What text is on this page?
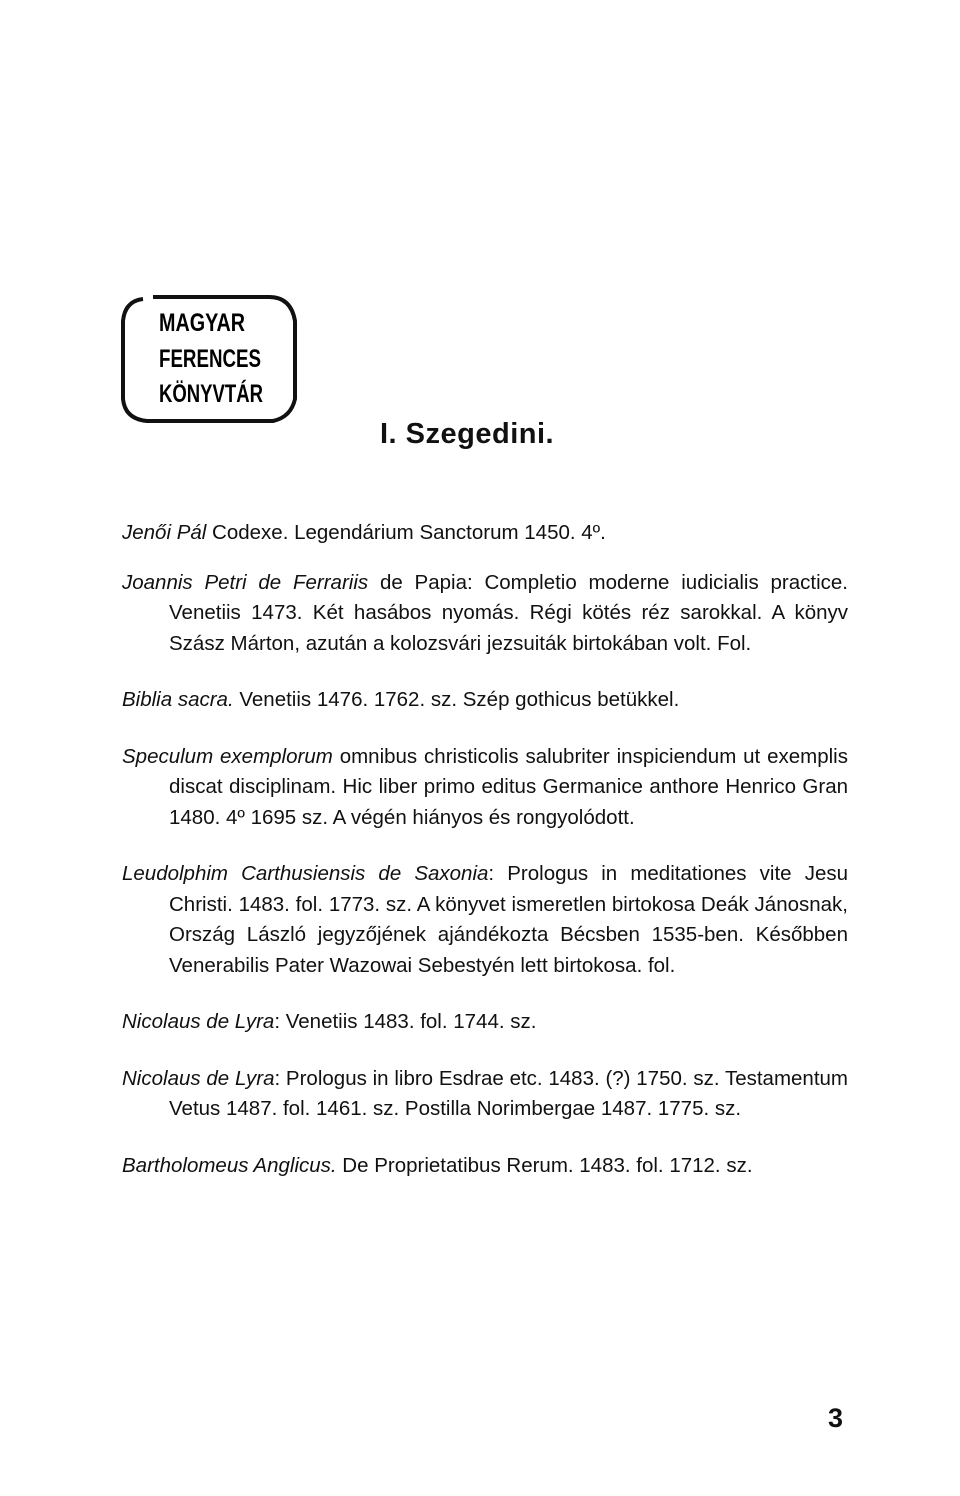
MAGYAR
FERENCES
KÖNYVTÁR
I. Szegedini.

Jenői Pál Codexe. Legendárium Sanctorum 1450. 4º.

Joannis Petri de Ferrariis de Papia: Completio moderne iudicialis practice. Venetiis 1473. Két hasábos nyomás. Régi kötés réz sarokkal. A könyv Szász Márton, azután a kolozsvári jezsuiták birtokában volt. Fol.

Biblia sacra. Venetiis 1476. 1762. sz. Szép gothicus betükkel.

Speculum exemplorum omnibus christicolis salubriter inspiciendum ut exemplis discat disciplinam. Hic liber primo editus Germanice anthore Henrico Gran 1480. 4º 1695 sz. A végén hiányos és rongyolódott.

Leudolphim Carthusiensis de Saxonia: Prologus in meditationes vite Jesu Christi. 1483. fol. 1773. sz. A könyvet ismeretlen birtokosa Deák Jánosnak, Ország László jegyzőjének ajándékozta Bécsben 1535-ben. Későbben Venerabilis Pater Wazowai Sebestyén lett birtokosa. fol.

Nicolaus de Lyra: Venetiis 1483. fol. 1744. sz.

Nicolaus de Lyra: Prologus in libro Esdrae etc. 1483. (?) 1750. sz. Testamentum Vetus 1487. fol. 1461. sz. Postilla Norimbergae 1487. 1775. sz.

Bartholomeus Anglicus. De Proprietatibus Rerum. 1483. fol. 1712. sz.

3
